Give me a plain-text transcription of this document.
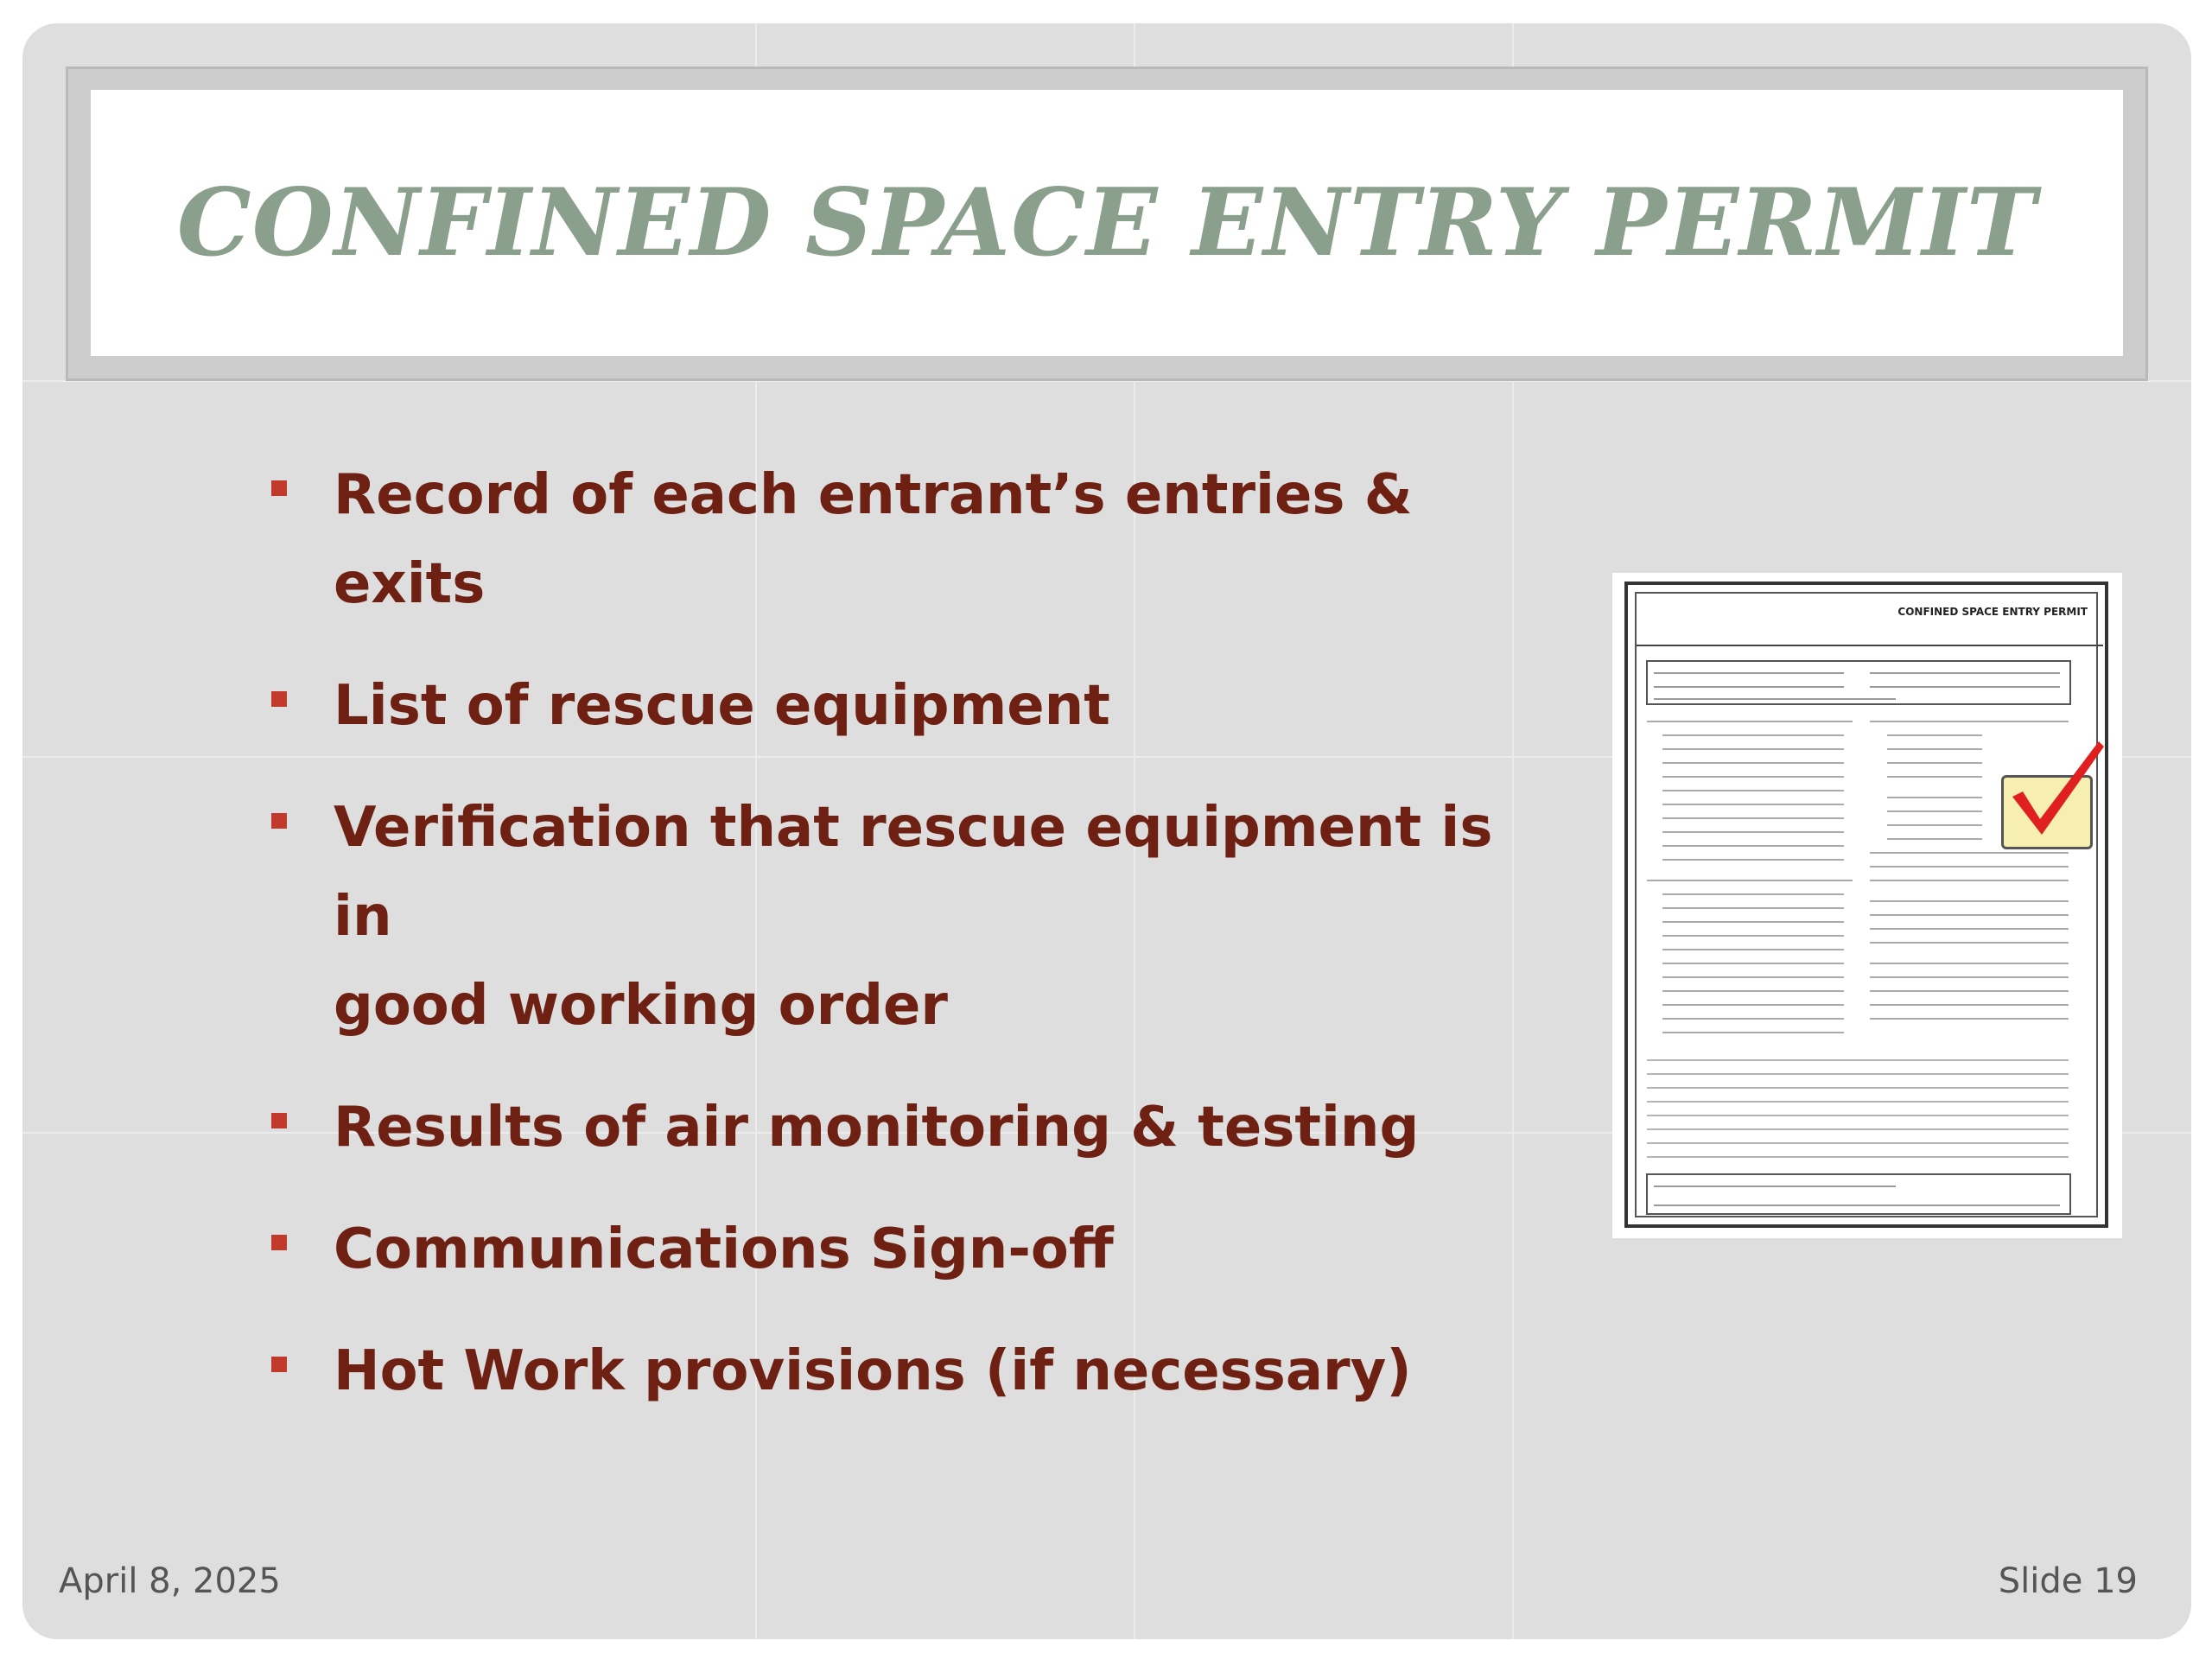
CONFINED SPACE ENTRY PERMIT
Record of each entrant’s entries & exits
List of rescue equipment
Verification that rescue equipment is in
good working order
Results of air monitoring & testing
Communications Sign-off
Hot Work provisions (if necessary)
CONFINED SPACE ENTRY PERMIT
April 8, 2025	Slide 19
